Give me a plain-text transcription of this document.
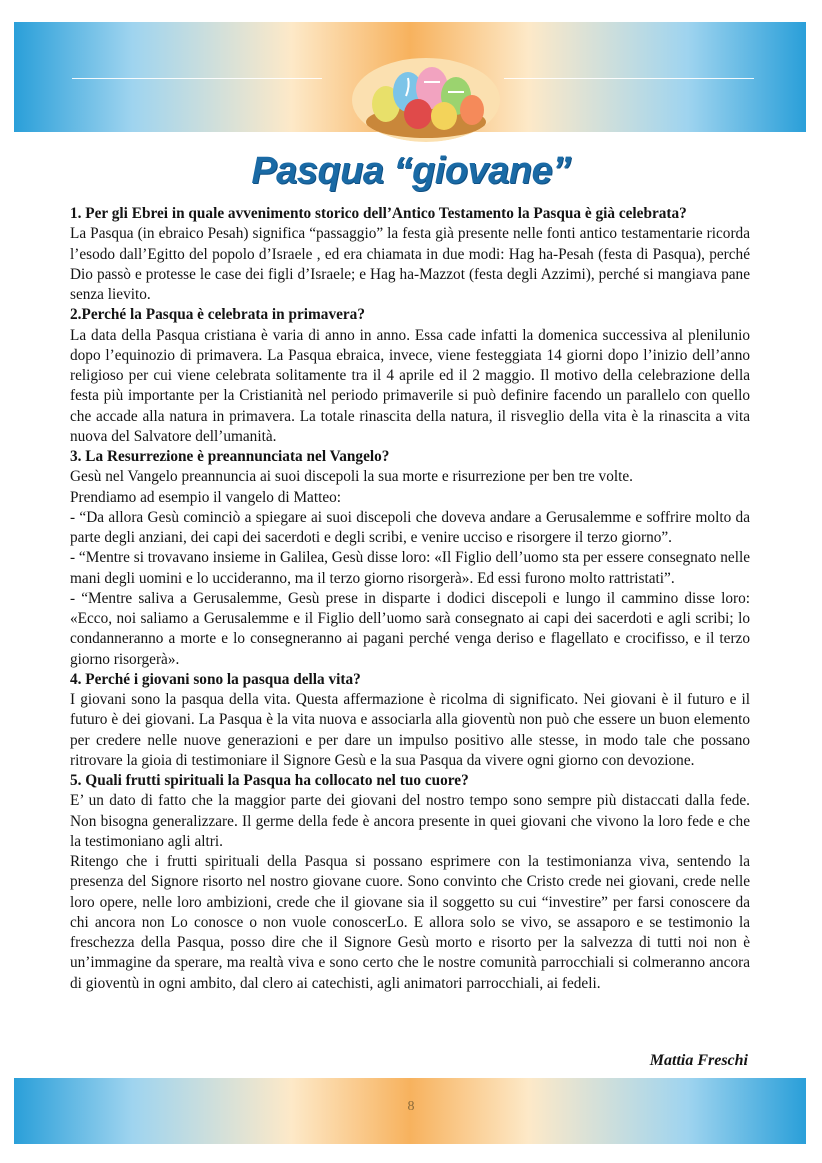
Pasqua “giovane”

1. Per gli Ebrei in quale avvenimento storico dell’Antico Testamento la Pasqua è già celebrata?

La Pasqua (in ebraico Pesah) significa “passaggio” la festa già presente nelle fonti antico testamentarie ricorda l’esodo dall’Egitto del popolo d’Israele , ed era chiamata in due modi: Hag ha-Pesah (festa di Pasqua), perché Dio passò e protesse le case dei figli d’Israele; e Hag ha-Mazzot (festa degli Azzimi), perché si mangiava pane senza lievito.

2.Perché la Pasqua è celebrata in primavera?

La data della Pasqua cristiana è varia di anno in anno. Essa cade infatti la domenica successiva al plenilunio dopo l’equinozio di primavera. La Pasqua ebraica, invece, viene festeggiata 14 giorni dopo l’inizio dell’anno religioso per cui viene celebrata solitamente tra il 4 aprile ed il 2 maggio. Il motivo della celebrazione della festa più importante per la Cristianità nel periodo primaverile si può definire facendo un parallelo con quello che accade alla natura in primavera. La totale rinascita della natura, il risveglio della vita è la rinascita a vita nuova del Salvatore dell’umanità.

3. La Resurrezione è preannunciata nel Vangelo?

Gesù nel Vangelo preannuncia ai suoi discepoli la sua morte e risurrezione per ben tre volte.

Prendiamo ad esempio il vangelo di Matteo:

- “Da allora Gesù cominciò a spiegare ai suoi discepoli che doveva andare a Gerusalemme e soffrire molto da parte degli anziani, dei capi dei sacerdoti e degli scribi, e venire ucciso e risorgere il terzo giorno”.

- “Mentre si trovavano insieme in Galilea, Gesù disse loro: «Il Figlio dell’uomo sta per essere consegnato nelle mani degli uomini e lo uccideranno, ma il terzo giorno risorgerà». Ed essi furono molto rattristati”.

- “Mentre saliva a Gerusalemme, Gesù prese in disparte i dodici discepoli e lungo il cammino disse loro: «Ecco, noi saliamo a Gerusalemme e il Figlio dell’uomo sarà consegnato ai capi dei sacerdoti e agli scribi; lo condanneranno a morte e lo consegneranno ai pagani perché venga deriso e flagellato e crocifisso, e il terzo giorno risorgerà».

4. Perché i giovani sono la pasqua della vita?

I giovani sono la pasqua della vita. Questa affermazione è ricolma di significato. Nei giovani è il futuro e il futuro è dei giovani. La Pasqua è la vita nuova e associarla alla gioventù non può che essere un buon elemento per credere nelle nuove generazioni e per dare un impulso positivo alle stesse, in modo tale che possano ritrovare la gioia di testimoniare il Signore Gesù e la sua Pasqua da vivere ogni giorno con devozione.

5. Quali frutti spirituali la Pasqua ha collocato nel tuo cuore?

E’ un dato di fatto che la maggior parte dei giovani del nostro tempo sono sempre più distaccati dalla fede. Non bisogna generalizzare. Il germe della fede è ancora presente in quei giovani che vivono la loro fede e che la testimoniano agli altri.

Ritengo che i frutti spirituali della Pasqua si possano esprimere con la testimonianza viva, sentendo la presenza del Signore risorto nel nostro giovane cuore. Sono convinto che Cristo crede nei giovani, crede nelle loro opere, nelle loro ambizioni, crede che il giovane sia il soggetto su cui “investire” per farsi conoscere da chi ancora non Lo conosce o non vuole conoscerLo. E allora solo se vivo, se assaporo e se testimonio la freschezza della Pasqua, posso dire che il Signore Gesù morto e risorto per la salvezza di tutti noi non è un’immagine da sperare, ma realtà viva e sono certo che le nostre comunità parrocchiali si colmeranno ancora di gioventù in ogni ambito, dal clero ai catechisti, agli animatori parrocchiali, ai fedeli.

Mattia Freschi
8
